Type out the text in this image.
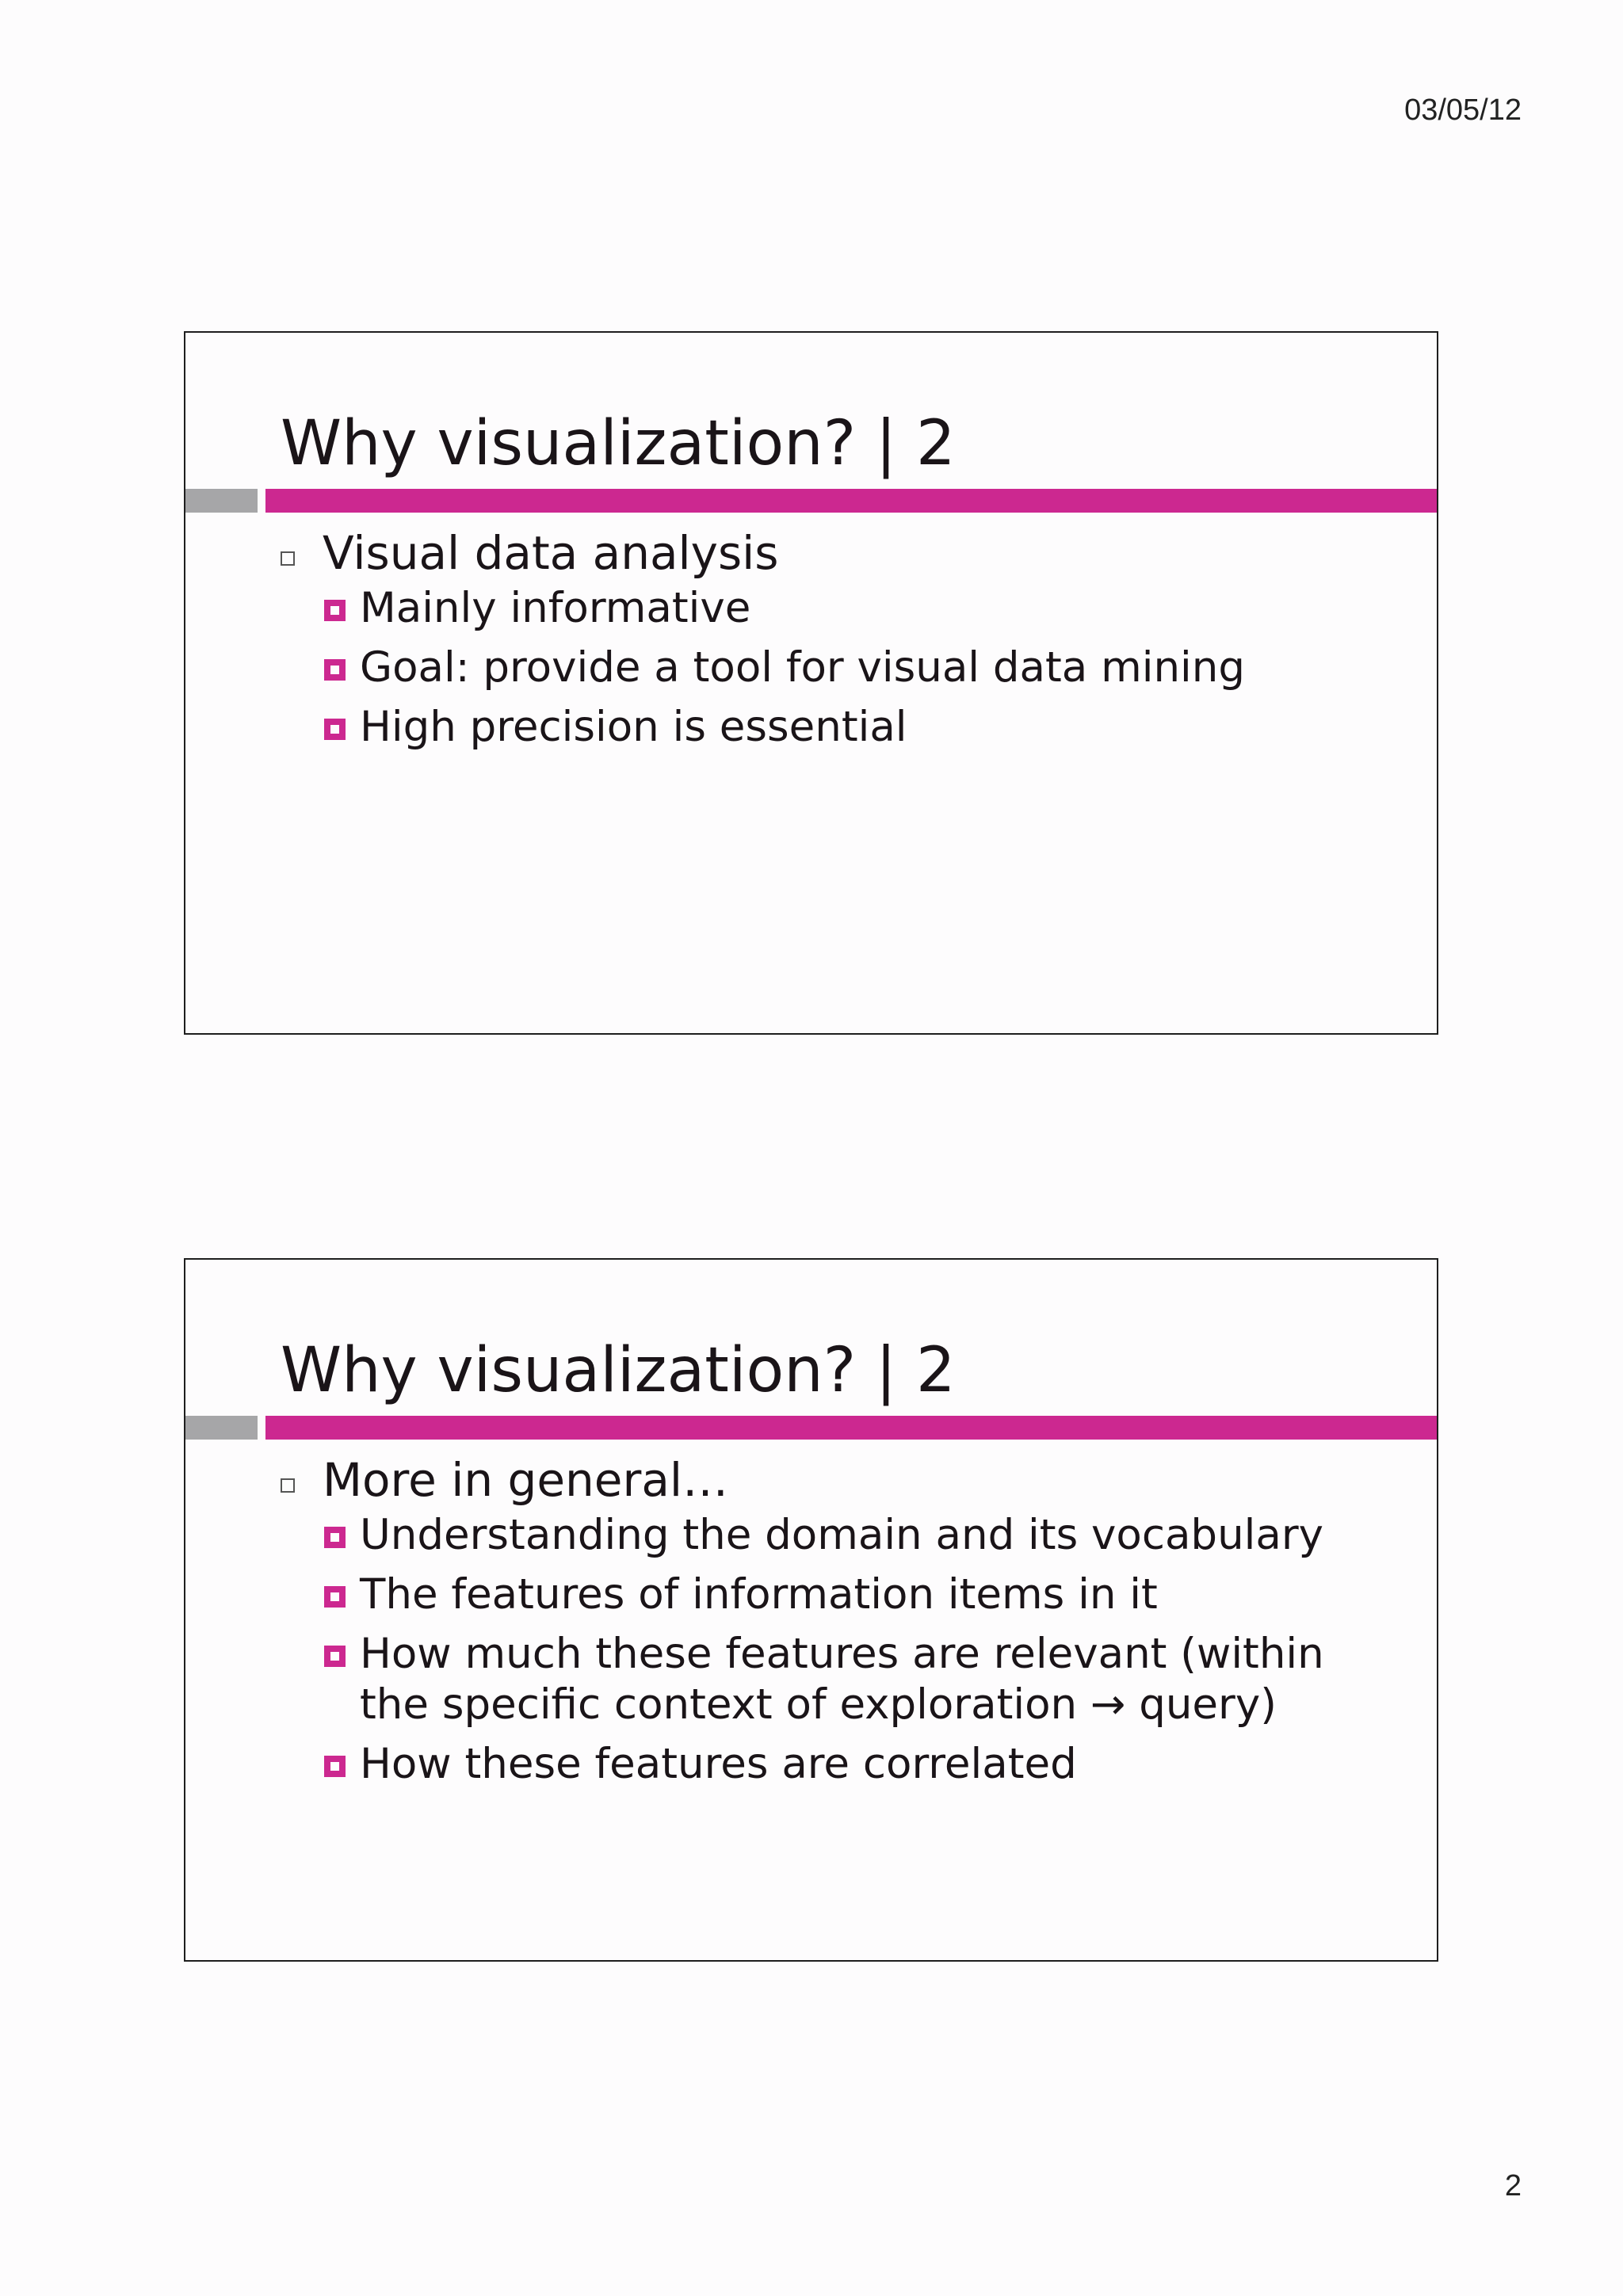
03/05/12

Why visualization? | 2

Visual data analysis

Mainly informative
Goal: provide a tool for visual data mining
High precision is essential
Why visualization? | 2

More in general…

Understanding the domain and its vocabulary
The features of information items in it
How much these features are relevant (within the specific context of exploration → query)
How these features are correlated

2
